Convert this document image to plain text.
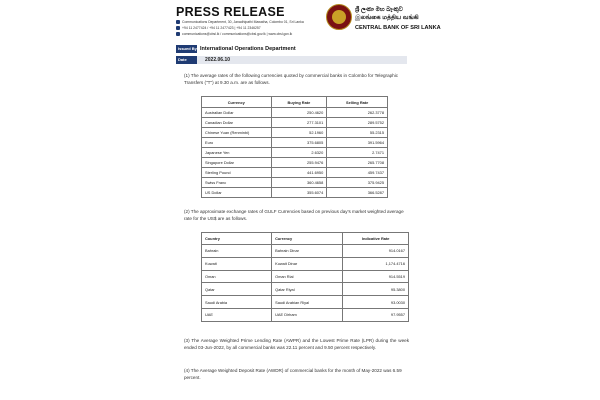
PRESS RELEASE
Communications Department, 30, Janadhipathi Mawatha, Colombo 01, Sri Lanka
+94 11 2477424 / +94 11 2477423 | +94 11 2346257
communications@cbsl.lk / communications@cbsl.gov.lk | www.cbsl.gov.lk
ශ්‍රී ලංකා මහ බැංකුව
இலங்கை மத்திய வங்கி
CENTRAL BANK OF SRI LANKA
Issued By International Operations Department
Date	2022.06.10
(1) The average rates of the following currencies quoted by commercial banks in Colombo for Telegraphic Transfers ("T") at 9.30 a.m. are as follows.
Currency	Buying Rate	Selling Rate
Australian Dollar	250.4620	262.3778
Canadian Dollar	277.3101	289.5752
Chinese Yuan (Renminbi)	52.1960	55.2315
Euro	375.6805	391.5964
Japanese Yen	2.6320	2.7471
Singapore Dollar	255.9476	265.7708
Sterling Pound	441.6950	459.7437
Swiss Franc	360.4658	375.9425
US Dollar	355.6074	366.5287
(2) The approximate exchange rates of GULF Currencies based on previous day's market weighted average rate for the US$ are as follows.
Country	Currency	Indicative Rate
Bahrain	Bahrain Dinar	914.0167
Kuwait	Kuwait Dinar	1,174.4716
Oman	Oman Rial	914.5519
Qatar	Qatar Riyal	95.3800
Saudi Arabia	Saudi Arabian Riyal	93.0030
UAE	UAE Dirham	97.9557
(3) The Average Weighted Prime Lending Rate (AWPR) and the Lowest Prime Rate (LPR) during the week ended 03-Jun-2022, by all commercial banks was 22.11 percent and 9.50 percent respectively.
(4) The Average Weighted Deposit Rate (AWDR) of commercial banks for the month of May-2022 was 6.59 percent.
